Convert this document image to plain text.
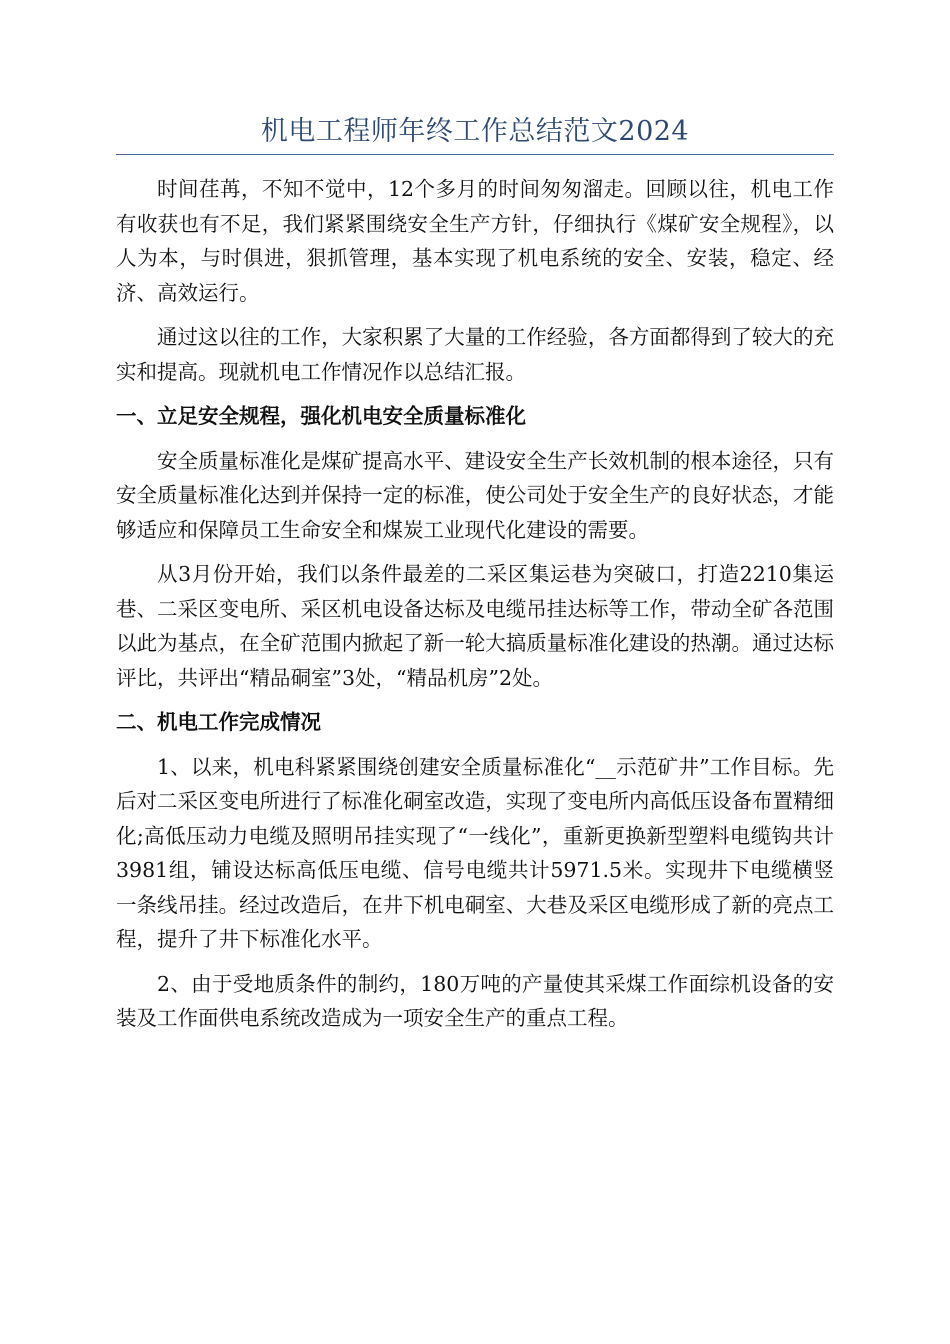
机电工程师年终工作总结范文2024

时间荏苒，不知不觉中，12个多月的时间匆匆溜走。回顾以往，机电工作有收获也有不足，我们紧紧围绕安全生产方针，仔细执行《煤矿安全规程》，以人为本，与时俱进，狠抓管理，基本实现了机电系统的安全、安装，稳定、经济、高效运行。

通过这以往的工作，大家积累了大量的工作经验，各方面都得到了较大的充实和提高。现就机电工作情况作以总结汇报。

一、立足安全规程，强化机电安全质量标准化

安全质量标准化是煤矿提高水平、建设安全生产长效机制的根本途径，只有安全质量标准化达到并保持一定的标准，使公司处于安全生产的良好状态，才能够适应和保障员工生命安全和煤炭工业现代化建设的需要。

从3月份开始，我们以条件最差的二采区集运巷为突破口，打造2210集运巷、二采区变电所、采区机电设备达标及电缆吊挂达标等工作，带动全矿各范围以此为基点，在全矿范围内掀起了新一轮大搞质量标准化建设的热潮。通过达标评比，共评出“精品硐室”3处，“精品机房”2处。

二、机电工作完成情况

1、以来，机电科紧紧围绕创建安全质量标准化“__示范矿井”工作目标。先后对二采区变电所进行了标准化硐室改造，实现了变电所内高低压设备布置精细化;高低压动力电缆及照明吊挂实现了“一线化”，重新更换新型塑料电缆钩共计3981组，铺设达标高低压电缆、信号电缆共计5971.5米。实现井下电缆横竖一条线吊挂。经过改造后，在井下机电硐室、大巷及采区电缆形成了新的亮点工程，提升了井下标准化水平。

2、由于受地质条件的制约，180万吨的产量使其采煤工作面综机设备的安装及工作面供电系统改造成为一项安全生产的重点工程。
